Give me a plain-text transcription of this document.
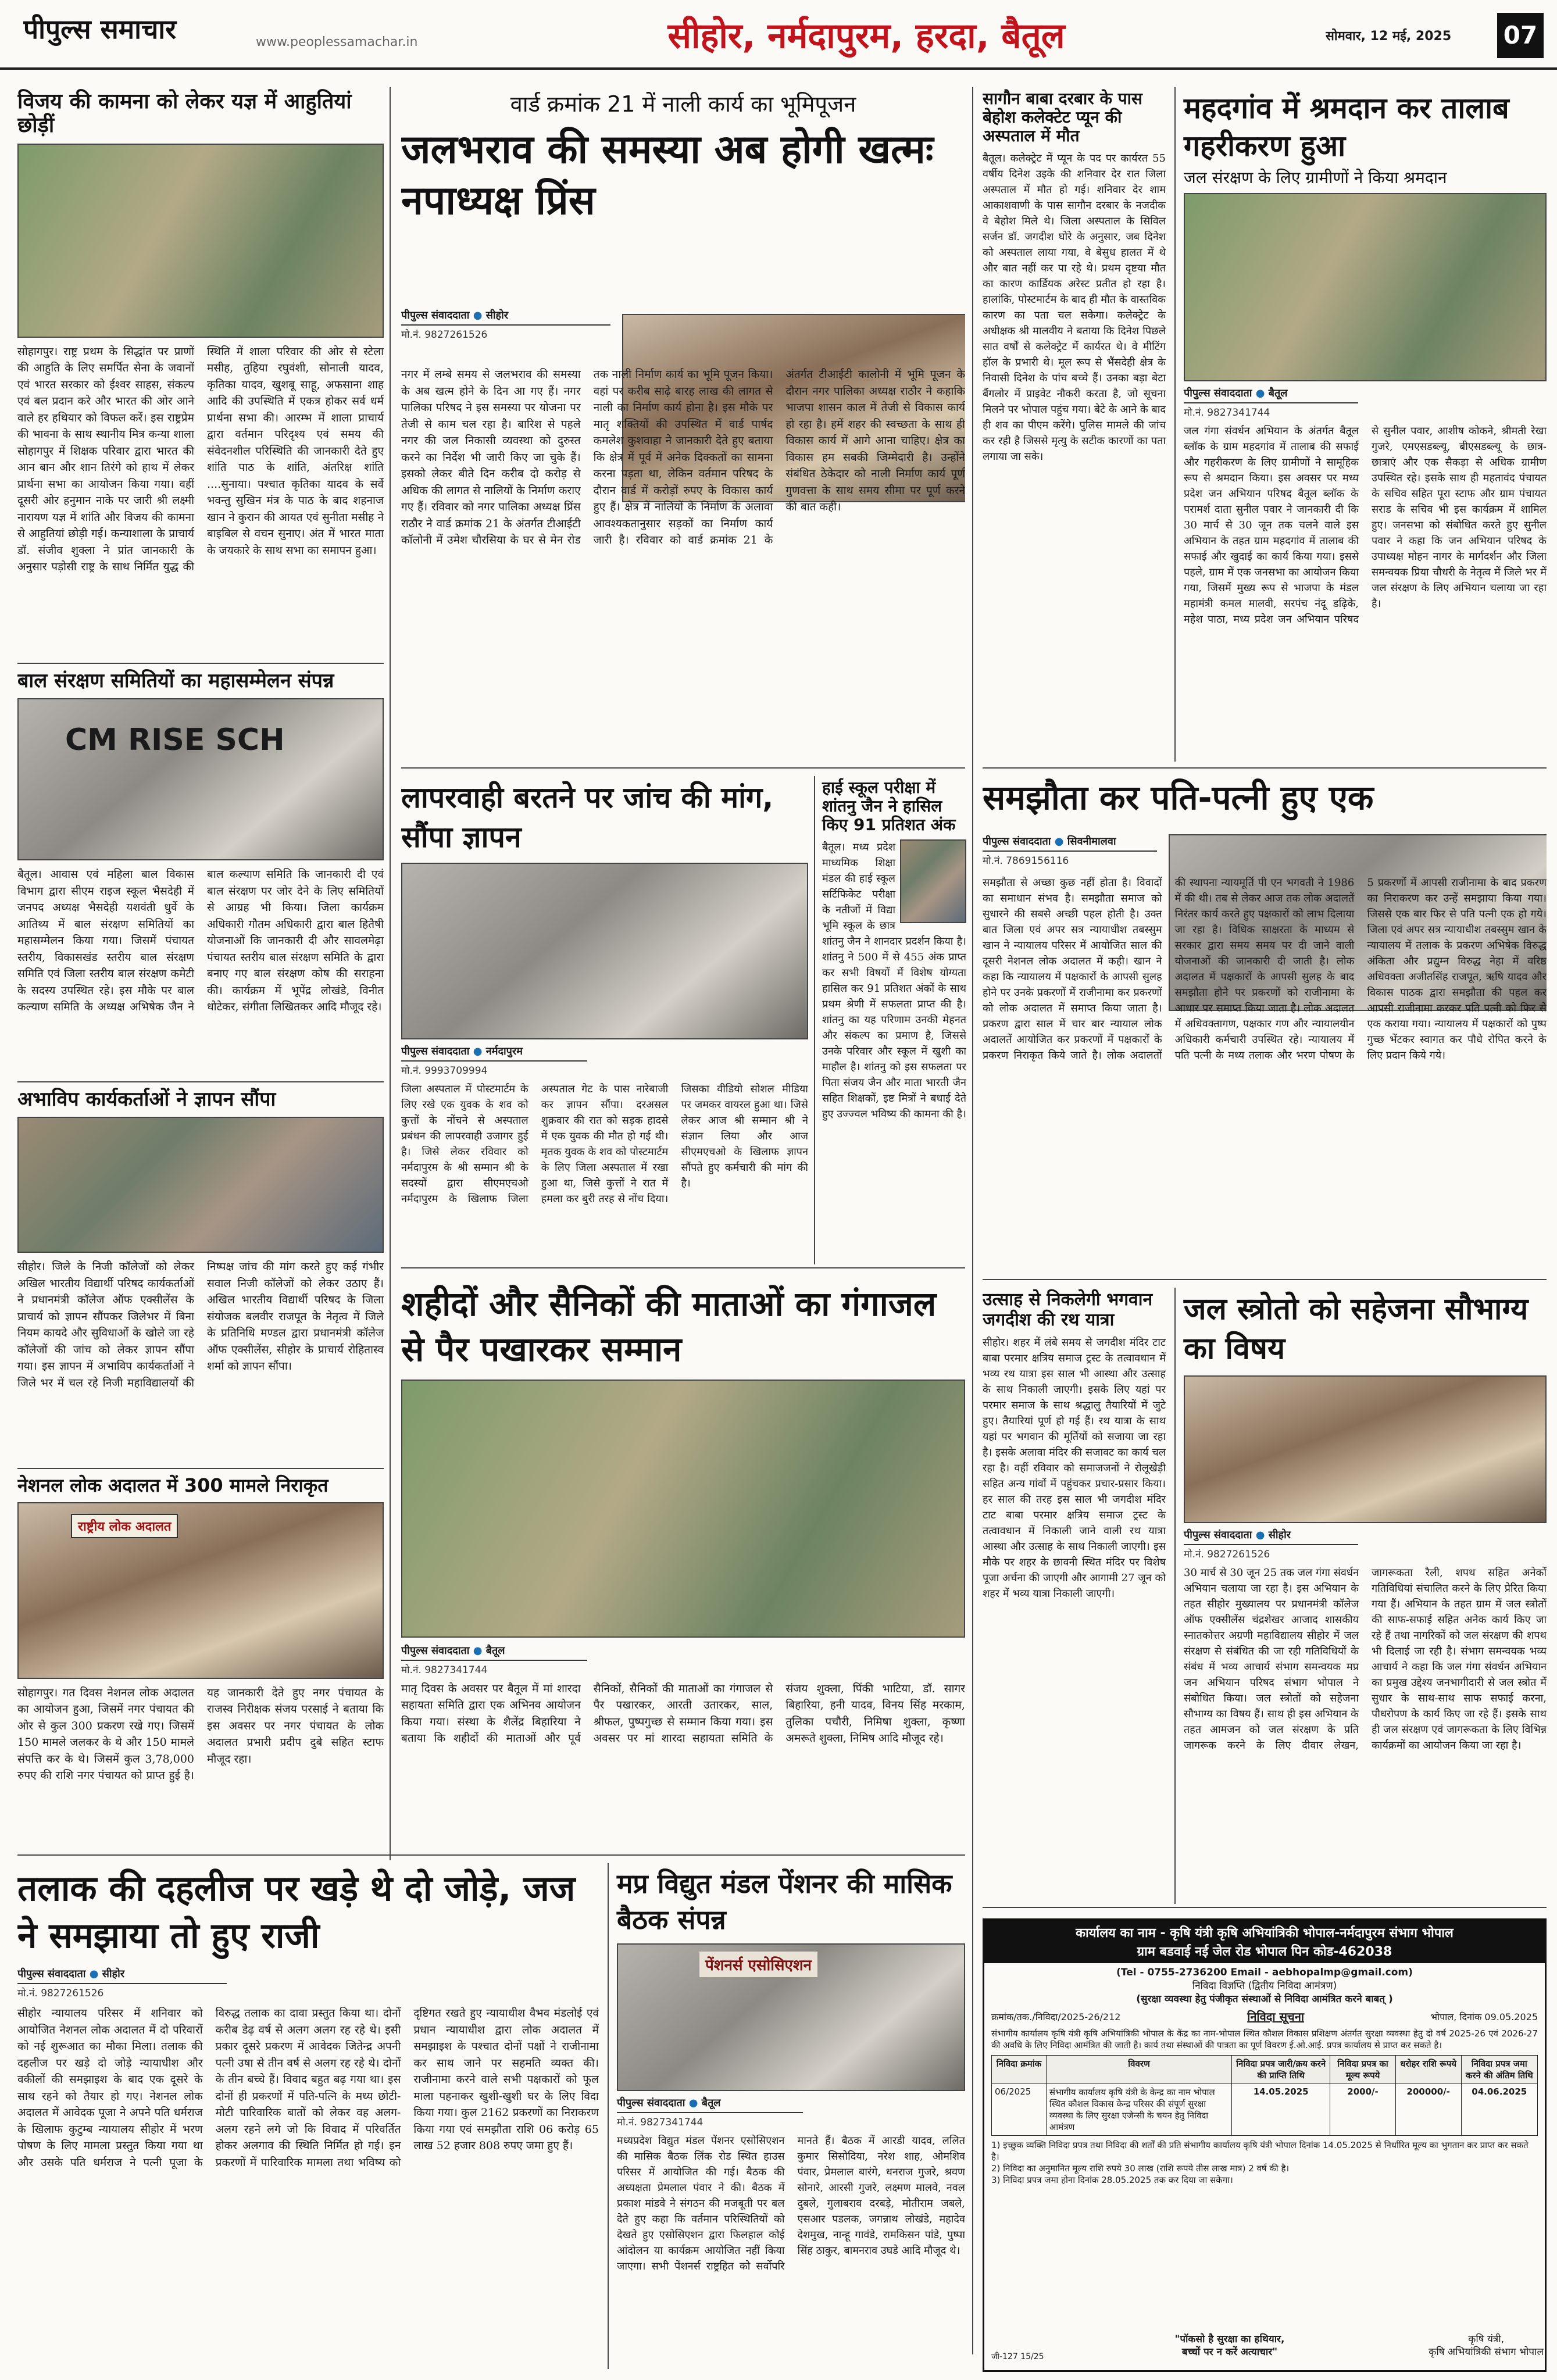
पीपुल्स समाचार	www.peoplessamachar.in	सीहोर, नर्मदापुरम, हरदा, बैतूल	सोमवार, 12 मई, 2025	07
विजय की कामना को लेकर यज्ञ में आहुतियां छोड़ीं
सोहागपुर। राष्ट्र प्रथम के सिद्धांत पर प्राणों की आहुति के लिए समर्पित सेना के जवानों एवं भारत सरकार को ईश्वर साहस, संकल्प एवं बल प्रदान करे और भारत की ओर आने वाले हर हथियार को विफल करें। इस राष्ट्रप्रेम की भावना के साथ स्थानीय मित्र कन्या शाला सोहागपुर में शिक्षक परिवार द्वारा भारत की आन बान और शान तिरंगे को हाथ में लेकर प्रार्थना सभा का आयोजन किया गया। वहीं दूसरी ओर हनुमान नाके पर जारी श्री लक्ष्मी नारायण यज्ञ में शांति और विजय की कामना से आहुतियां छोड़ी गई। कन्याशाला के प्राचार्य डॉ. संजीव शुक्ला ने प्रांत जानकारी के अनुसार पड़ोसी राष्ट्र के साथ निर्मित युद्ध की स्थिति में शाला परिवार की ओर से स्टेला मसीह, तुहिया रघुवंशी, सोनाली यादव, कृतिका यादव, खुशबू साहू, अफसाना शाह आदि की उपस्थिति में एकत्र होकर सर्व धर्म प्रार्थना सभा की। आरम्भ में शाला प्राचार्य द्वारा वर्तमान परिदृश्य एवं समय की संवेदनशील परिस्थिति की जानकारी देते हुए शांति पाठ के शांति, अंतरिक्ष शांति ....सुनाया। पश्चात कृतिका यादव के सर्वे भवन्तु सुखिन मंत्र के पाठ के बाद शहनाज खान ने कुरान की आयत एवं सुनीता मसीह ने बाइबिल से वचन सुनाए। अंत में भारत माता के जयकारे के साथ सभा का समापन हुआ।
बाल संरक्षण समितियों का महासम्मेलन संपन्न
CM RISE SCH
बैतूल। आवास एवं महिला बाल विकास विभाग द्वारा सीएम राइज स्कूल भैसदेही में जनपद अध्यक्ष भैसदेही यशवंती धुर्वे के आतिथ्य में बाल संरक्षण समितियों का महासम्मेलन किया गया। जिसमें पंचायत स्तरीय, विकासखंड स्तरीय बाल संरक्षण समिति एवं जिला स्तरीय बाल संरक्षण कमेटी के सदस्य उपस्थित रहे। इस मौके पर बाल कल्याण समिति के अध्यक्ष अभिषेक जैन ने बाल कल्याण समिति कि जानकारी दी एवं बाल संरक्षण पर जोर देने के लिए समितियों से आग्रह भी किया। जिला कार्यक्रम अधिकारी गौतम अधिकारी द्वारा बाल हितैषी योजनाओं कि जानकारी दी और सावलमेढ़ा पंचायत स्तरीय बाल संरक्षण समिति के द्वारा बनाए गए बाल संरक्षण कोष की सराहना की। कार्यक्रम में भूपेंद्र लोखंडे, विनीत धोटेकर, संगीता लिखितकर आदि मौजूद रहे।
अभाविप कार्यकर्ताओं ने ज्ञापन सौंपा
सीहोर। जिले के निजी कॉलेजों को लेकर अखिल भारतीय विद्यार्थी परिषद कार्यकर्ताओं ने प्रधानमंत्री कॉलेज ऑफ एक्सीलेंस के प्राचार्य को ज्ञापन सौंपकर जिलेभर में बिना नियम कायदे और सुविधाओं के खोले जा रहे कॉलेजों की जांच को लेकर ज्ञापन सौंपा गया। इस ज्ञापन में अभाविप कार्यकर्ताओं ने जिले भर में चल रहे निजी महाविद्यालयों की निष्पक्ष जांच की मांग करते हुए कई गंभीर सवाल निजी कॉलेजों को लेकर उठाए हैं। अखिल भारतीय विद्यार्थी परिषद के जिला संयोजक बलवीर राजपूत के नेतृत्व में जिले के प्रतिनिधि मण्डल द्वारा प्रधानमंत्री कॉलेज ऑफ एक्सीलेंस, सीहोर के प्राचार्य रोहितास्व शर्मा को ज्ञापन सौंपा।
नेशनल लोक अदालत में 300 मामले निराकृत
राष्ट्रीय लोक अदालत
सोहागपुर। गत दिवस नेशनल लोक अदालत का आयोजन हुआ, जिसमें नगर पंचायत की ओर से कुल 300 प्रकरण रखे गए। जिसमें 150 मामले जलकर के थे और 150 मामले संपत्ति कर के थे। जिसमें कुल 3,78,000 रुपए की राशि नगर पंचायत को प्राप्त हुई है। यह जानकारी देते हुए नगर पंचायत के राजस्व निरीक्षक संजय परसाई ने बताया कि इस अवसर पर नगर पंचायत के लोक अदालत प्रभारी प्रदीप दुबे सहित स्टाफ मौजूद रहा।
वार्ड क्रमांक 21 में नाली कार्य का भूमिपूजन
जलभराव की समस्या अब होगी खत्मः नपाध्यक्ष प्रिंस
पीपुल्स संवाददाता ● सीहोर
मो.नं. 9827261526
नगर में लम्बे समय से जलभराव की समस्या के अब खत्म होने के दिन आ गए हैं। नगर पालिका परिषद ने इस समस्या पर योजना पर तेजी से काम चल रहा है। बारिश से पहले नगर की जल निकासी व्यवस्था को दुरुस्त करने का निर्देश भी जारी किए जा चुके हैं। इसको लेकर बीते दिन करीब दो करोड़ से अधिक की लागत से नालियों के निर्माण कराए गए हैं। रविवार को नगर पालिका अध्यक्ष प्रिंस राठौर ने वार्ड क्रमांक 21 के अंतर्गत टीआईटी कॉलोनी में उमेश चौरसिया के घर से मेन रोड तक नाली निर्माण कार्य का भूमि पूजन किया। वहां पर करीब साढ़े बारह लाख की लागत से नाली का निर्माण कार्य होना है। इस मौके पर मातृ शक्तियों की उपस्थित में वार्ड पार्षद कमलेश कुशवाहा ने जानकारी देते हुए बताया कि क्षेत्र में पूर्व में अनेक दिक्कतों का सामना करना पड़ता था, लेकिन वर्तमान परिषद के दौरान वार्ड में करोड़ों रुपए के विकास कार्य हुए हैं। क्षेत्र में नालियों के निर्माण के अलावा आवश्यकतानुसार सड़कों का निर्माण कार्य जारी है। रविवार को वार्ड क्रमांक 21 के अंतर्गत टीआईटी कालोनी में भूमि पूजन के दौरान नगर पालिका अध्यक्ष राठौर ने कहाकि भाजपा शासन काल में तेजी से विकास कार्य हो रहा है। हमें शहर की स्वच्छता के साथ ही विकास कार्य में आगे आना चाहिए। क्षेत्र का विकास हम सबकी जिम्मेदारी है। उन्होंने संबंधित ठेकेदार को नाली निर्माण कार्य पूर्ण गुणवत्ता के साथ समय सीमा पर पूर्ण करने की बात कही।
लापरवाही बरतने पर जांच की मांग, सौंपा ज्ञापन
पीपुल्स संवाददाता ● नर्मदापुरम
मो.नं. 9993709994
जिला अस्पताल में पोस्टमार्टम के लिए रखे एक युवक के शव को कुत्तों के नोंचने से अस्पताल प्रबंधन की लापरवाही उजागर हुई है। जिसे लेकर रविवार को नर्मदापुरम के श्री सम्मान श्री के सदस्यों द्वारा सीएमएचओ नर्मदापुरम के खिलाफ जिला अस्पताल गेट के पास नारेबाजी कर ज्ञापन सौंपा। दरअसल शुक्रवार की रात को सड़क हादसे में एक युवक की मौत हो गई थी। मृतक युवक के शव को पोस्टमार्टम के लिए जिला अस्पताल में रखा हुआ था, जिसे कुत्तों ने रात में हमला कर बुरी तरह से नोंच दिया। जिसका वीडियो सोशल मीडिया पर जमकर वायरल हुआ था। जिसे लेकर आज श्री सम्मान श्री ने संज्ञान लिया और आज सीएमएचओ के खिलाफ ज्ञापन सौंपते हुए कर्मचारी की मांग की है।
हाई स्कूल परीक्षा में शांतनु जैन ने हासिल किए 91 प्रतिशत अंक
बैतूल। मध्य प्रदेश माध्यमिक शिक्षा मंडल की हाई स्कूल सर्टिफिकेट परीक्षा के नतीजों में विद्या भूमि स्कूल के छात्र शांतनु जैन ने शानदार प्रदर्शन किया है। शांतनु ने 500 में से 455 अंक प्राप्त कर सभी विषयों में विशेष योग्यता हासिल कर 91 प्रतिशत अंकों के साथ प्रथम श्रेणी में सफलता प्राप्त की है। शांतनु का यह परिणाम उनकी मेहनत और संकल्प का प्रमाण है, जिससे उनके परिवार और स्कूल में खुशी का माहौल है। शांतनु को इस सफलता पर पिता संजय जैन और माता भारती जैन सहित शिक्षकों, इष्ट मित्रों ने बधाई देते हुए उज्ज्वल भविष्य की कामना की है।
शहीदों और सैनिकों की माताओं का गंगाजल से पैर पखारकर सम्मान
पीपुल्स संवाददाता ● बैतूल
मो.नं. 9827341744
मातृ दिवस के अवसर पर बैतूल में मां शारदा सहायता समिति द्वारा एक अभिनव आयोजन किया गया। संस्था के शैलेंद्र बिहारिया ने बताया कि शहीदों की माताओं और पूर्व सैनिकों, सैनिकों की माताओं का गंगाजल से पैर पखारकर, आरती उतारकर, साल, श्रीफल, पुष्पगुच्छ से सम्मान किया गया। इस अवसर पर मां शारदा सहायता समिति के संजय शुक्ला, पिंकी भाटिया, डॉ. सागर बिहारिया, हनी यादव, विनय सिंह मरकाम, तुलिका पचौरी, निमिषा शुक्ला, कृष्णा अमरूते शुक्ला, निमिष आदि मौजूद रहे।
तलाक की दहलीज पर खड़े थे दो जोड़े, जज ने समझाया तो हुए राजी
पीपुल्स संवाददाता ● सीहोर
मो.नं. 9827261526
सीहोर न्यायालय परिसर में शनिवार को आयोजित नेशनल लोक अदालत में दो परिवारों को नई शुरूआत का मौका मिला। तलाक की दहलीज पर खड़े दो जोड़े न्यायाधीश और वकीलों की समझाइश के बाद एक दूसरे के साथ रहने को तैयार हो गए। नेशनल लोक अदालत में आवेदक पूजा ने अपने पति धर्मराज के खिलाफ कुटुम्ब न्यायालय सीहोर में भरण पोषण के लिए मामला प्रस्तुत किया गया था और उसके पति धर्मराज ने पत्नी पूजा के विरुद्ध तलाक का दावा प्रस्तुत किया था। दोनों करीब डेढ़ वर्ष से अलग अलग रह रहे थे। इसी प्रकार दूसरे प्रकरण में आवेदक जितेन्द्र अपनी पत्नी उषा से तीन वर्ष से अलग रह रहे थे। दोनों के तीन बच्चे हैं। विवाद बहुत बढ़ गया था। इस दोनों ही प्रकरणों में पति-पत्नि के मध्य छोटी-मोटी पारिवारिक बातों को लेकर वह अलग-अलग रहने लगे जो कि विवाद में परिवर्तित होकर अलगाव की स्थिति निर्मित हो गई। इन प्रकरणों में पारिवारिक मामला तथा भविष्य को दृष्टिगत रखते हुए न्यायाधीश वैभव मंडलोई एवं प्रधान न्यायाधीश द्वारा लोक अदालत में समझाइश के पश्चात दोनों पक्षों ने राजीनामा कर साथ जाने पर सहमति व्यक्त की। राजीनामा करने वाले सभी पक्षकारों को फूल माला पहनाकर खुशी-खुशी घर के लिए विदा किया गया। कुल 2162 प्रकरणों का निराकरण किया गया एवं समझौता राशि 06 करोड़ 65 लाख 52 हजार 808 रुपए जमा हुए हैं।
मप्र विद्युत मंडल पेंशनर की मासिक बैठक संपन्न
पेंशनर्स एसोसिएशन
पीपुल्स संवाददाता ● बैतूल
मो.नं. 9827341744
मध्यप्रदेश विद्युत मंडल पेंशनर एसोसिएशन की मासिक बैठक लिंक रोड स्थित हाउस परिसर में आयोजित की गई। बैठक की अध्यक्षता प्रेमलाल पंवार ने की। बैठक में प्रकाश मांडवे ने संगठन की मजबूती पर बल देते हुए कहा कि वर्तमान परिस्थितियों को देखते हुए एसोसिएशन द्वारा फिलहाल कोई आंदोलन या कार्यक्रम आयोजित नहीं किया जाएगा। सभी पेंशनर्स राष्ट्रहित को सर्वोपरि मानते हैं। बैठक में आरडी यादव, ललित कुमार सिसोदिया, नरेश शाह, ओमशिव पंवार, प्रेमलाल बारंगे, धनराज गुजरे, श्रवण सोनारे, आरसी गुजरे, लक्ष्मण मालवे, नवल दुबले, गुलाबराव दरबड़े, मोतीराम जबले, एसआर पडलक, जगन्नाथ लोखंडे, महादेव देशमुख, नान्हू गावंडे, रामकिसन पांडे, पुष्पा सिंह ठाकुर, बामनराव उघडे आदि मौजूद थे।
सागौन बाबा दरबार के पास बेहोश कलेक्टेट प्यून की अस्पताल में मौत
बैतूल। कलेक्ट्रेट में प्यून के पद पर कार्यरत 55 वर्षीय दिनेश उइके की शनिवार देर रात जिला अस्पताल में मौत हो गई। शनिवार देर शाम आकाशवाणी के पास सागौन दरबार के नजदीक वे बेहोश मिले थे। जिला अस्पताल के सिविल सर्जन डॉ. जगदीश घोरे के अनुसार, जब दिनेश को अस्पताल लाया गया, वे बेसुध हालत में थे और बात नहीं कर पा रहे थे। प्रथम दृष्टया मौत का कारण कार्डियक अरेस्ट प्रतीत हो रहा है। हालांकि, पोस्टमार्टम के बाद ही मौत के वास्तविक कारण का पता चल सकेगा। कलेक्ट्रेट के अधीक्षक श्री मालवीय ने बताया कि दिनेश पिछले सात वर्षों से कलेक्ट्रेट में कार्यरत थे। वे मीटिंग हॉल के प्रभारी थे। मूल रूप से भैंसदेही क्षेत्र के निवासी दिनेश के पांच बच्चे हैं। उनका बड़ा बेटा बैंगलोर में प्राइवेट नौकरी करता है, जो सूचना मिलने पर भोपाल पहुंच गया। बेटे के आने के बाद ही शव का पीएम करेंगे। पुलिस मामले की जांच कर रही है जिससे मृत्यु के सटीक कारणों का पता लगाया जा सके।
महदगांव में श्रमदान कर तालाब गहरीकरण हुआ
जल संरक्षण के लिए ग्रामीणों ने किया श्रमदान
पीपुल्स संवाददाता ● बैतूल
मो.नं. 9827341744
जल गंगा संवर्धन अभियान के अंतर्गत बैतूल ब्लॉक के ग्राम महदगांव में तालाब की सफाई और गहरीकरण के लिए ग्रामीणों ने सामूहिक रूप से श्रमदान किया। इस अवसर पर मध्य प्रदेश जन अभियान परिषद बैतूल ब्लॉक के परामर्श दाता सुनील पवार ने जानकारी दी कि 30 मार्च से 30 जून तक चलने वाले इस अभियान के तहत ग्राम महदगांव में तालाब की सफाई और खुदाई का कार्य किया गया। इससे पहले, ग्राम में एक जनसभा का आयोजन किया गया, जिसमें मुख्य रूप से भाजपा के मंडल महामंत्री कमल मालवी, सरपंच नंदू डढ़िके, महेश पाठा, मध्य प्रदेश जन अभियान परिषद से सुनील पवार, आशीष कोकने, श्रीमती रेखा गुजरे, एमएसडब्ल्यू, बीएसडब्ल्यू के छात्र-छात्राएं और एक सैकड़ा से अधिक ग्रामीण उपस्थित रहे। इसके साथ ही महतावंद पंचायत के सचिव सहित पूरा स्टाफ और ग्राम पंचायत सराड के सचिव भी इस कार्यक्रम में शामिल हुए। जनसभा को संबोधित करते हुए सुनील पवार ने कहा कि जन अभियान परिषद के उपाध्यक्ष मोहन नागर के मार्गदर्शन और जिला समन्वयक प्रिया चौधरी के नेतृत्व में जिले भर में जल संरक्षण के लिए अभियान चलाया जा रहा है।
समझौता कर पति-पत्नी हुए एक
पीपुल्स संवाददाता ● सिवनीमालवा
मो.नं. 7869156116
समझौता से अच्छा कुछ नहीं होता है। विवादों का समाधान संभव है। समझौता समाज को सुधारने की सबसे अच्छी पहल होती है। उक्त बात जिला एवं अपर सत्र न्यायाधीश तबस्सुम खान ने न्यायालय परिसर में आयोजित साल की दूसरी नेशनल लोक अदालत में कही। खान ने कहा कि न्यायालय में पक्षकारों के आपसी सुलह होने पर उनके प्रकरणों में राजीनामा कर प्रकरणों को लोक अदालत में समाप्त किया जाता है। प्रकरण द्वारा साल में चार बार न्यायाल लोक अदालतें आयोजित कर प्रकरणों में पक्षकारों के प्रकरण निराकृत किये जाते है। लोक अदालतों की स्थापना न्यायमूर्ति पी एन भगवती ने 1986 में की थी। तब से लेकर आज तक लोक अदालतें निरंतर कार्य करते हुए पक्षकारों को लाभ दिलाया जा रहा है। विधिक साक्षरता के माध्यम से सरकार द्वारा समय समय पर दी जाने वाली योजनाओं की जानकारी दी जाती है। लोक अदालत में पक्षकारों के आपसी सुलह के बाद समझौता होने पर प्रकरणों को राजीनामा के आधार पर समाप्त किया जाता है। लोक अदालत में अधिवक्तागण, पक्षकार गण और न्यायालयीन अधिकारी कर्मचारी उपस्थित रहे। न्यायालय में पति पत्नी के मध्य तलाक और भरण पोषण के 5 प्रकरणों में आपसी राजीनामा के बाद प्रकरण का निराकरण कर उन्हें समझाया किया गया। जिससे एक बार फिर से पति पत्नी एक हो गये। जिला एवं अपर सत्र न्यायाधीश तबस्सुम खान के न्यायालय में तलाक के प्रकरण अभिषेक विरुद्ध अंकिता और प्रद्युम्न विरुद्ध नेहा में वरिष्ठ अधिवक्ता अजीतसिंह राजपूत, ऋषि यादव और विकास पाठक द्वारा समझौता की पहल कर आपसी राजीनामा करकर पति पत्नी को फिर से एक कराया गया। न्यायालय में पक्षकारों को पुष्प गुच्छ भेंटकर स्वागत कर पौधे रोपित करने के लिए प्रदान किये गये।
उत्साह से निकलेगी भगवान जगदीश की रथ यात्रा
सीहोर। शहर में लंबे समय से जगदीश मंदिर टाट बाबा परमार क्षत्रिय समाज ट्रस्ट के तत्वावधान में भव्य रथ यात्रा इस साल भी आस्था और उत्साह के साथ निकाली जाएगी। इसके लिए यहां पर परमार समाज के साथ श्रद्धालु तैयारियों में जुटे हुए। तैयारियां पूर्ण हो गई हैं। रथ यात्रा के साथ यहां पर भगवान की मूर्तियों को सजाया जा रहा है। इसके अलावा मंदिर की सजावट का कार्य चल रहा है। वहीं रविवार को समाजजनों ने रोलूखेड़ी सहित अन्य गांवों में पहुंचकर प्रचार-प्रसार किया। हर साल की तरह इस साल भी जगदीश मंदिर टाट बाबा परमार क्षत्रिय समाज ट्रस्ट के तत्वावधान में निकाली जाने वाली रथ यात्रा आस्था और उत्साह के साथ निकाली जाएगी। इस मौके पर शहर के छावनी स्थित मंदिर पर विशेष पूजा अर्चना की जाएगी और आगामी 27 जून को शहर में भव्य यात्रा निकाली जाएगी।
जल स्त्रोतो को सहेजना सौभाग्य का विषय
पीपुल्स संवाददाता ● सीहोर
मो.नं. 9827261526
30 मार्च से 30 जून 25 तक जल गंगा संवर्धन अभियान चलाया जा रहा है। इस अभियान के तहत सीहोर मुख्यालय पर प्रधानमंत्री कॉलेज ऑफ एक्सीलेंस चंद्रशेखर आजाद शासकीय स्नातकोत्तर अग्रणी महाविद्यालय सीहोर में जल संरक्षण से संबंधित की जा रही गतिविधियों के संबंध में भव्य आचार्य संभाग समन्वयक मप्र जन अभियान परिषद संभाग भोपाल ने संबोधित किया। जल स्त्रोतों को सहेजना सौभाग्य का विषय हैं। साथ ही इस अभियान के तहत आमजन को जल संरक्षण के प्रति जागरूक करने के लिए दीवार लेखन, जागरूकता रैली, शपथ सहित अनेकों गतिविधियां संचालित करने के लिए प्रेरित किया गया हैं। अभियान के तहत ग्राम में जल स्त्रोतों की साफ-सफाई सहित अनेक कार्य किए जा रहे हैं तथा नागरिकों को जल संरक्षण की शपथ भी दिलाई जा रही है। संभाग समन्वयक भव्य आचार्य ने कहा कि जल गंगा संवर्धन अभियान का प्रमुख उद्देश्य जनभागीदारी से जल स्त्रोत में सुधार के साथ-साथ साफ सफाई करना, पौधरोपण के कार्य किए जा रहे हैं। इसके साथ ही जल संरक्षण एवं जागरूकता के लिए विभिन्न कार्यक्रमों का आयोजन किया जा रहा है।
कार्यालय का नाम - कृषि यंत्री कृषि अभियांत्रिकी भोपाल-नर्मदापुरम संभाग भोपाल
ग्राम बडवाई नई जेल रोड भोपाल पिन कोड-462038
(Tel - 0755-2736200 Email - aebhopalmp@gmail.com)
निविदा विज्ञप्ति (द्वितीय निविदा आमंत्रण)
(सुरक्षा व्यवस्था हेतु पंजीकृत संस्थाओं से निविदा आमंत्रित करने बाबत् )
क्रमांक/तक./निविदा/2025-26/212	निविदा सूचना	भोपाल, दिनांक 09.05.2025
संभागीय कार्यालय कृषि यंत्री कृषि अभियांत्रिकी भोपाल के केंद्र का नाम-भोपाल स्थित कौशल विकास प्रशिक्षण अंतर्गत सुरक्षा व्यवस्था हेतु दो वर्ष 2025-26 एवं 2026-27 की अवधि के लिए निविदा आमंत्रित की जाती है। कार्य तथा संस्थाओं की पात्रता का पूर्ण विवरण ई.ओ.आई. प्रपत्र कार्यालय से प्राप्त कर सकते है।
निविदा क्रमांक	विवरण	निविदा प्रपत्र जारी/क्रय करने की प्राप्ति तिथि	निविदा प्रपत्र का मूल्य रूपये	धरोहर राशि रूपये	निविदा प्रपत्र जमा करने की अंतिम तिथि
06/2025	संभागीय कार्यालय कृषि यंत्री के केन्द्र का नाम भोपाल स्थित कौशल विकास केन्द्र परिसर की संपूर्ण सुरक्षा व्यवस्था के लिए सुरक्षा एजेन्सी के चयन हेतु निविदा आमंत्रण	14.05.2025	2000/-	200000/-	04.06.2025
1) इच्छुक व्यक्ति निविदा प्रपत्र तथा निविदा की शर्तों की प्रति संभागीय कार्यालय कृषि यंत्री भोपाल दिनांक 14.05.2025 से निर्धारित मूल्य का भुगतान कर प्राप्त कर सकते है।
2) निविदा का अनुमानित मूल्य राशि रुपये 30 लाख (राशि रूपये तीस लाख मात्र) 2 वर्ष की है।
3) निविदा प्रपत्र जमा होना दिनांक 28.05.2025 तक कर दिया जा सकेगा।
जी-127 15/25
"पॉकसो है सुरक्षा का हथियार,
बच्चों पर न करें अत्याचार"
कृषि यंत्री,
कृषि अभियांत्रिकी संभाग भोपाल
